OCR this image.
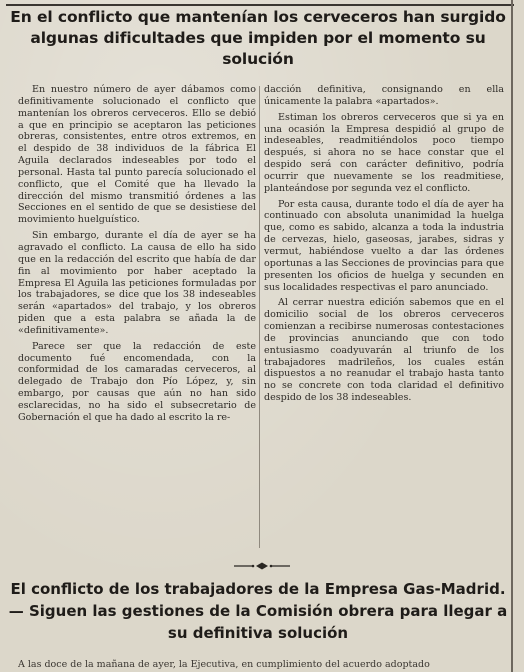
En el conflicto que mantenían los cerveceros han surgido algunas dificultades que impiden por el momento su solución

En nuestro número de ayer dábamos como definitivamente solucionado el conflicto que mantenían los obreros cerveceros. Ello se debió a que en principio se aceptaron las peticiones obreras, consistentes, entre otros extremos, en el despido de 38 individuos de la fábrica El Aguila declarados indeseables por todo el personal. Hasta tal punto parecía solucionado el conflicto, que el Comité que ha llevado la dirección del mismo transmitió órdenes a las Secciones en el sentido de que se desistiese del movimiento huelguístico.

Sin embargo, durante el día de ayer se ha agravado el conflicto. La causa de ello ha sido que en la redacción del escrito que había de dar fin al movimiento por haber aceptado la Empresa El Aguila las peticiones formuladas por los trabajadores, se dice que los 38 indeseables serán «apartados» del trabajo, y los obreros piden que a esta palabra se añada la de «definitivamente».

Parece ser que la redacción de este documento fué encomendada, con la conformidad de los camaradas cerveceros, al delegado de Trabajo don Pío López, y, sin embargo, por causas que aún no han sido esclarecidas, no ha sido el subsecretario de Gobernación el que ha dado al escrito la re-

dacción definitiva, consignando en ella únicamente la palabra «apartados».

Estiman los obreros cerveceros que si ya en una ocasión la Empresa despidió al grupo de indeseables, readmitiéndolos poco tiempo después, si ahora no se hace constar que el despido será con carácter definitivo, podría ocurrir que nuevamente se los readmitiese, planteándose por segunda vez el conflicto.

Por esta causa, durante todo el día de ayer ha continuado con absoluta unanimidad la huelga que, como es sabido, alcanza a toda la industria de cervezas, hielo, gaseosas, jarabes, sidras y vermut, habiéndose vuelto a dar las órdenes oportunas a las Secciones de provincias para que presenten los oficios de huelga y secunden en sus localidades respectivas el paro anunciado.

Al cerrar nuestra edición sabemos que en el domicilio social de los obreros cerveceros comienzan a recibirse numerosas contestaciones de provincias anunciando que con todo entusiasmo coadyuvarán al triunfo de los trabajadores madrileños, los cuales están dispuestos a no reanudar el trabajo hasta tanto no se concrete con toda claridad el definitivo despido de los 38 indeseables.

El conflicto de los trabajadores de la Empresa Gas-Madrid. — Siguen las gestiones de la Comisión obrera para llegar a su definitiva solución
A las doce de la mañana de ayer, la Ejecutiva, en cumplimiento del acuerdo adoptado
